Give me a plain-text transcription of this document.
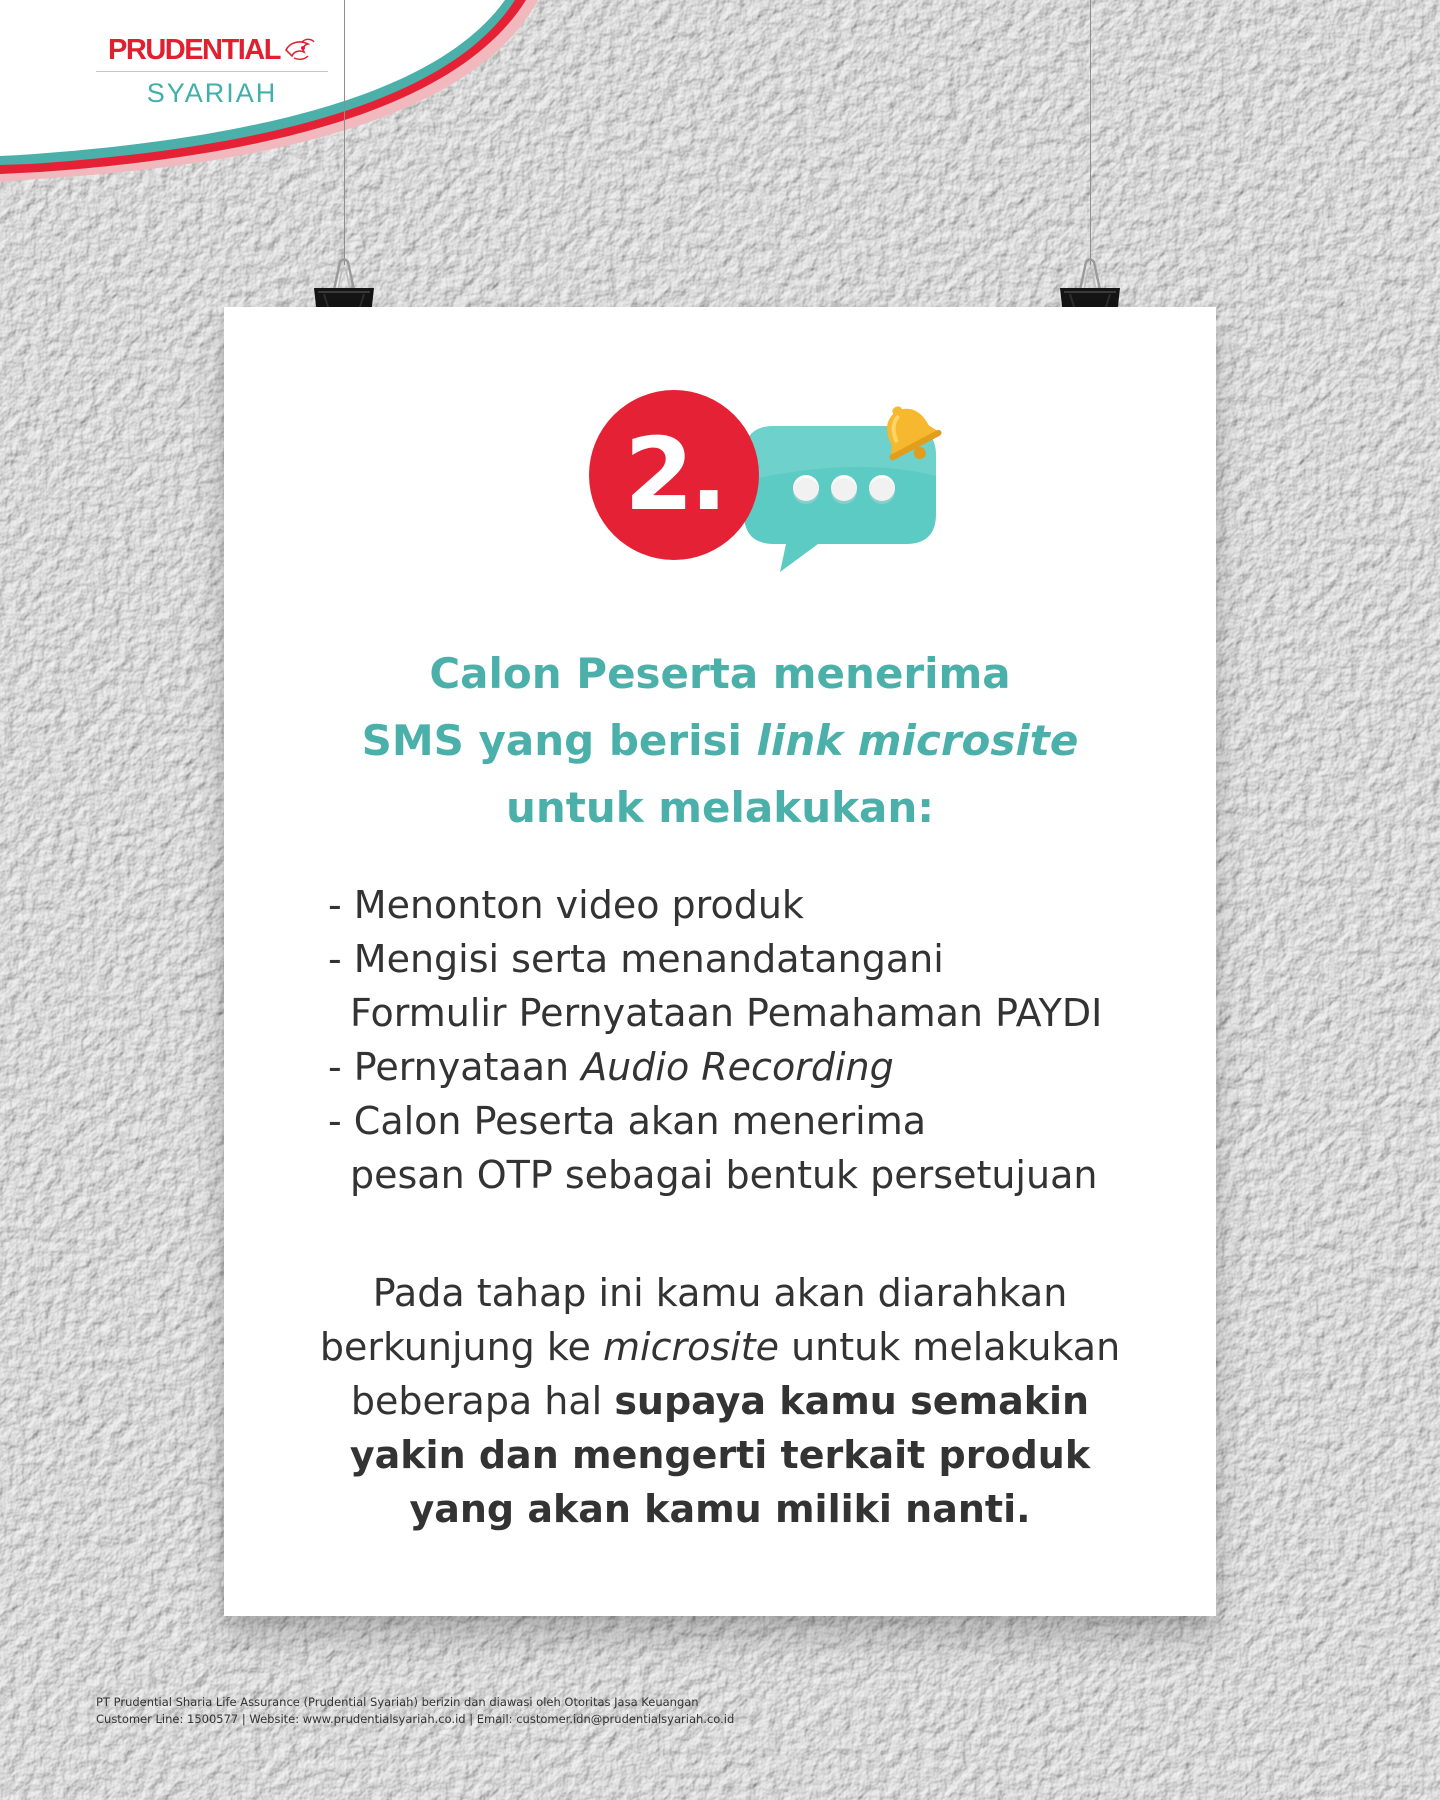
PRUDENTIAL
SYARIAH
2.
Calon Peserta menerima
SMS yang berisi link microsite
untuk melakukan:
- Menonton video produk
- Mengisi serta menandatangani
Formulir Pernyataan Pemahaman PAYDI
- Pernyataan Audio Recording
- Calon Peserta akan menerima
pesan OTP sebagai bentuk persetujuan
Pada tahap ini kamu akan diarahkan
berkunjung ke microsite untuk melakukan
beberapa hal supaya kamu semakin
yakin dan mengerti terkait produk
yang akan kamu miliki nanti.
PT Prudential Sharia Life Assurance (Prudential Syariah) berizin dan diawasi oleh Otoritas Jasa Keuangan
Customer Line: 1500577 | Website: www.prudentialsyariah.co.id | Email: customer.idn@prudentialsyariah.co.id
